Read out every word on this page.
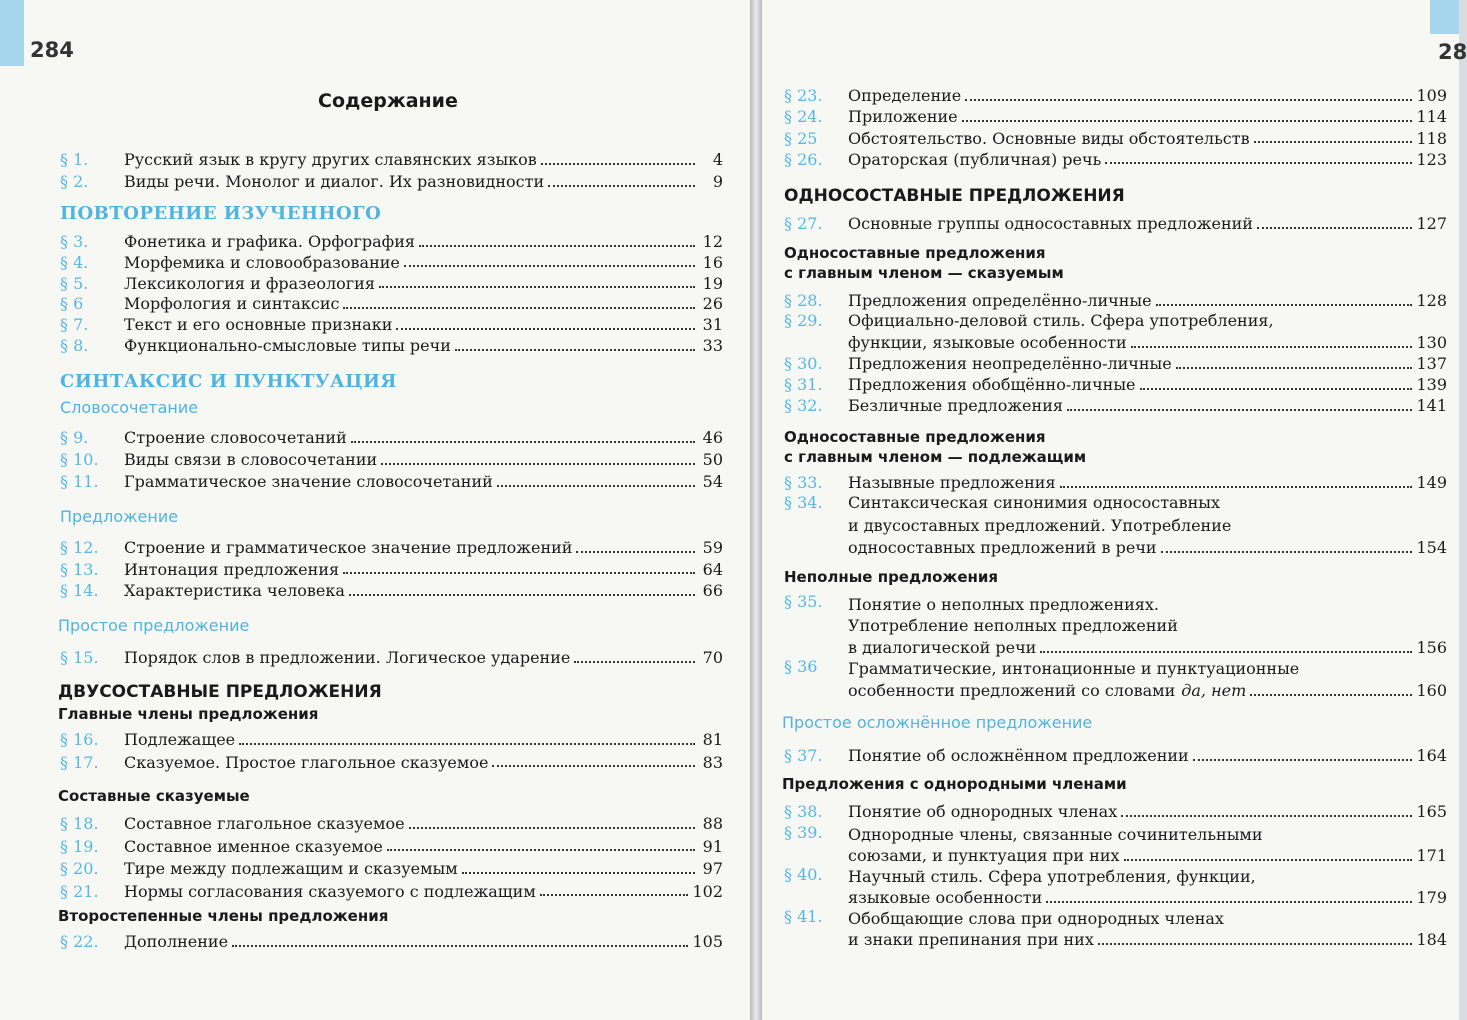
284	28
Содержание
§ 1.	Русский язык в кругу других славянских языков	4
§ 2.	Виды речи. Монолог и диалог. Их разновидности	9
§ 3.	Фонетика и графика. Орфография	12
§ 4.	Морфемика и словообразование	16
§ 5.	Лексикология и фразеология	19
§ 6	Морфология и синтаксис	26
§ 7.	Текст и его основные признаки	31
§ 8.	Функционально-смысловые типы речи	33
§ 9.	Строение словосочетаний	46
§ 10.	Виды связи в словосочетании	50
§ 11.	Грамматическое значение словосочетаний	54
§ 12.	Строение и грамматическое значение предложений	59
§ 13.	Интонация предложения	64
§ 14.	Характеристика человека	66
§ 15.	Порядок слов в предложении. Логическое ударение	70
§ 16.	Подлежащее	81
§ 17.	Сказуемое. Простое глагольное сказуемое	83
§ 18.	Составное глагольное сказуемое	88
§ 19.	Составное именное сказуемое	91
§ 20.	Тире между подлежащим и сказуемым	97
§ 21.	Нормы согласования сказуемого с подлежащим	102
§ 22.	Дополнение	105
ПОВТОРЕНИЕ ИЗУЧЕННОГО
СИНТАКСИС И ПУНКТУАЦИЯ
Словосочетание
Предложение
Простое предложение
ДВУСОСТАВНЫЕ ПРЕДЛОЖЕНИЯ
Главные члены предложения
Составные сказуемые
Второстепенные члены предложения
§ 23.	Определение	109
§ 24.	Приложение	114
§ 25	Обстоятельство. Основные виды обстоятельств	118
§ 26.	Ораторская (публичная) речь	123
§ 27.	Основные группы односоставных предложений	127
§ 28.	Предложения определённо-личные	128
§ 29. Официально-деловой стиль. Сфера употребления,
функции, языковые особенности	130
§ 30.	Предложения неопределённо-личные	137
§ 31.	Предложения обобщённо-личные	139
§ 32.	Безличные предложения	141
§ 33.	Назывные предложения	149
§ 34. Синтаксическая синонимия односоставных
и двусоставных предложений. Употребление
односоставных предложений в речи	154
§ 35. Понятие о неполных предложениях.
Употребление неполных предложений
в диалогической речи	156
§ 36 Грамматические, интонационные и пунктуационные
особенности предложений со словами да, нет	160
§ 37.	Понятие об осложнённом предложении	164
§ 38.	Понятие об однородных членах	165
§ 39. Однородные члены, связанные сочинительными
союзами, и пунктуация при них	171
§ 40. Научный стиль. Сфера употребления, функции,
языковые особенности	179
§ 41. Обобщающие слова при однородных членах
и знаки препинания при них	184
ОДНОСОСТАВНЫЕ ПРЕДЛОЖЕНИЯ
Односоставные предложения
с главным членом — сказуемым
Односоставные предложения
с главным членом — подлежащим
Неполные предложения
Простое осложнённое предложение
Предложения с однородными членами
